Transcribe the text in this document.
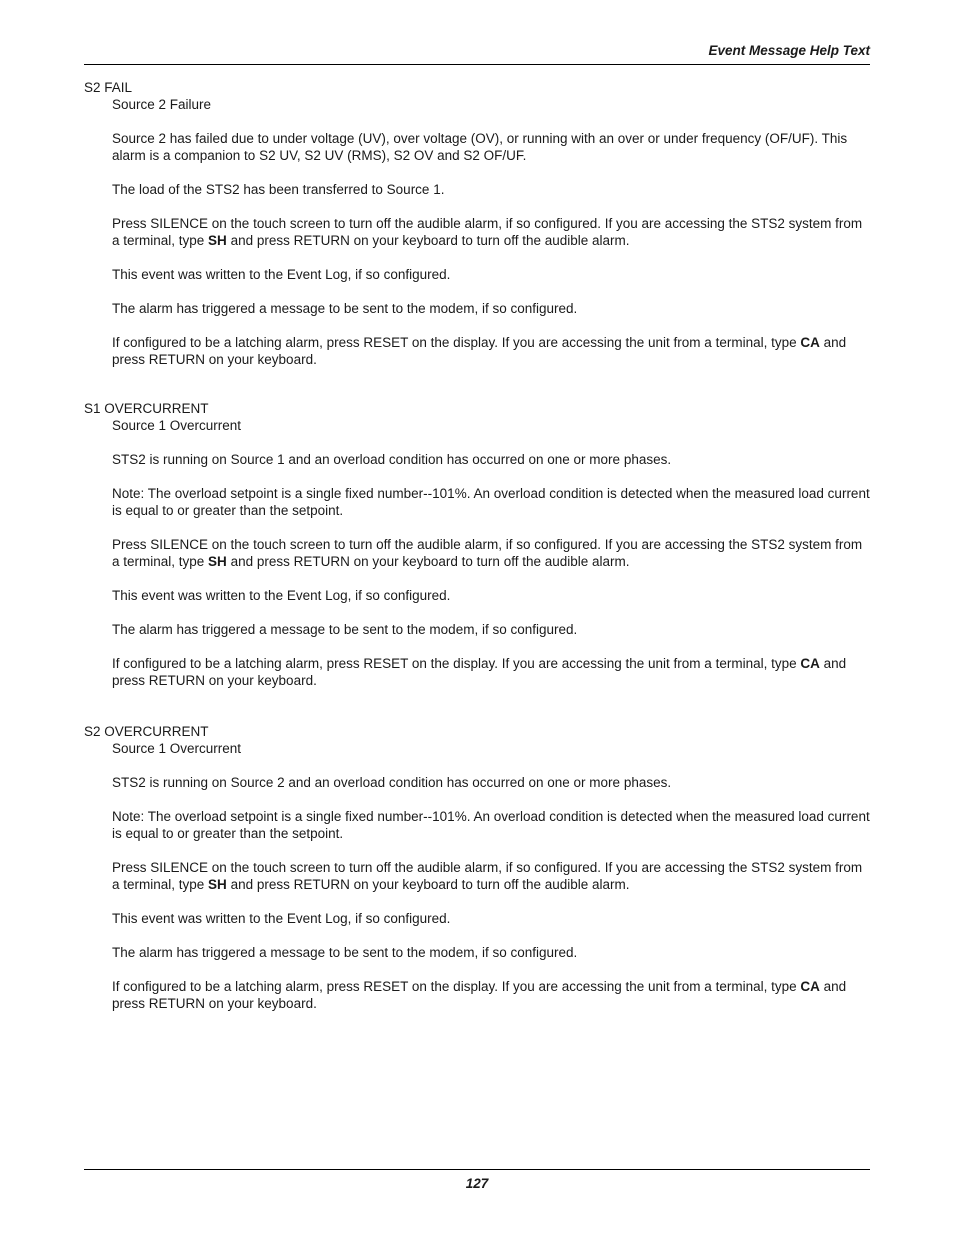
Event Message Help Text
S2 FAIL
Source 2 Failure
Source 2 has failed due to under voltage (UV), over voltage (OV), or running with an over or under frequency (OF/UF). This alarm is a companion to S2 UV, S2 UV (RMS), S2 OV and S2 OF/UF.
The load of the STS2 has been transferred to Source 1.
Press SILENCE on the touch screen to turn off the audible alarm, if so configured. If you are accessing the STS2 system from a terminal, type SH and press RETURN on your keyboard to turn off the audible alarm.
This event was written to the Event Log, if so configured.
The alarm has triggered a message to be sent to the modem, if so configured.
If configured to be a latching alarm, press RESET on the display. If you are accessing the unit from a terminal, type CA and press RETURN on your keyboard.
S1 OVERCURRENT
Source 1 Overcurrent
STS2 is running on Source 1 and an overload condition has occurred on one or more phases.
Note: The overload setpoint is a single fixed number--101%. An overload condition is detected when the measured load current is equal to or greater than the setpoint.
Press SILENCE on the touch screen to turn off the audible alarm, if so configured. If you are accessing the STS2 system from a terminal, type SH and press RETURN on your keyboard to turn off the audible alarm.
This event was written to the Event Log, if so configured.
The alarm has triggered a message to be sent to the modem, if so configured.
If configured to be a latching alarm, press RESET on the display. If you are accessing the unit from a terminal, type CA and press RETURN on your keyboard.
S2 OVERCURRENT
Source 1 Overcurrent
STS2 is running on Source 2 and an overload condition has occurred on one or more phases.
Note: The overload setpoint is a single fixed number--101%. An overload condition is detected when the measured load current is equal to or greater than the setpoint.
Press SILENCE on the touch screen to turn off the audible alarm, if so configured. If you are accessing the STS2 system from a terminal, type SH and press RETURN on your keyboard to turn off the audible alarm.
This event was written to the Event Log, if so configured.
The alarm has triggered a message to be sent to the modem, if so configured.
If configured to be a latching alarm, press RESET on the display. If you are accessing the unit from a terminal, type CA and press RETURN on your keyboard.
127
